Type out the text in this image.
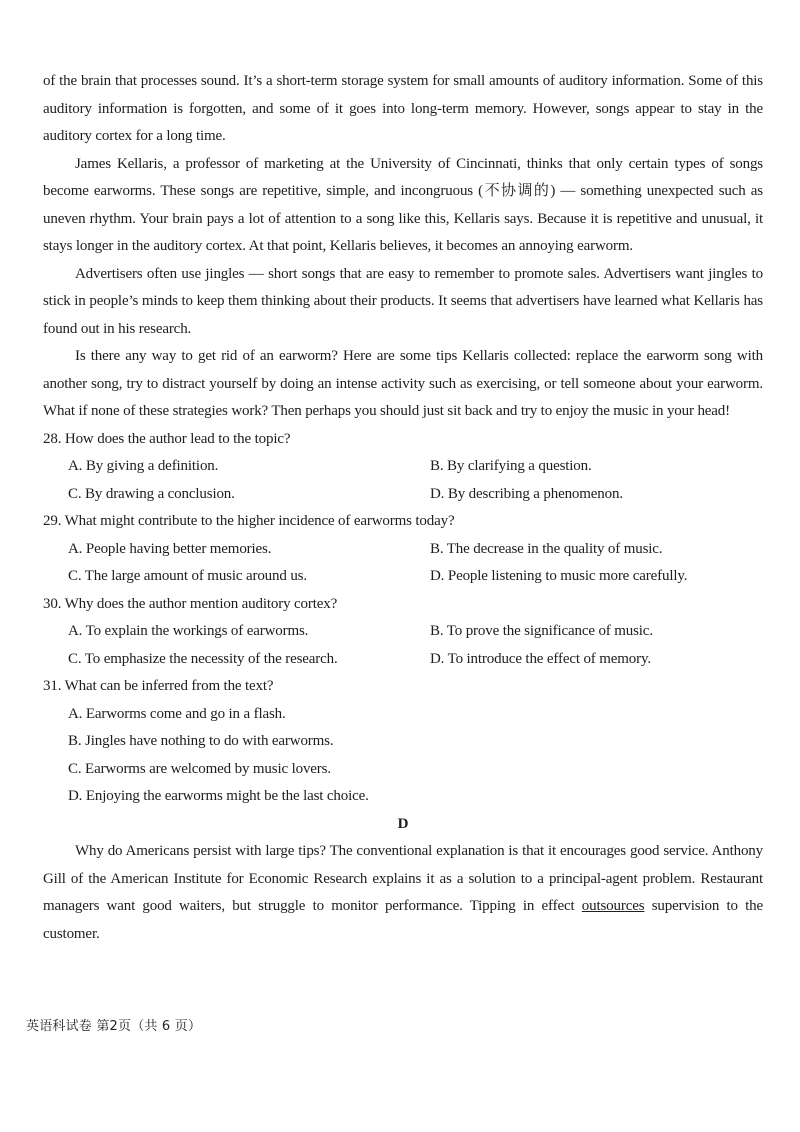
of the brain that processes sound. It’s a short-term storage system for small amounts of auditory information. Some of this auditory information is forgotten, and some of it goes into long-term memory. However, songs appear to stay in the auditory cortex for a long time.

James Kellaris, a professor of marketing at the University of Cincinnati, thinks that only certain types of songs become earworms. These songs are repetitive, simple, and incongruous (不协调的) — something unexpected such as uneven rhythm. Your brain pays a lot of attention to a song like this, Kellaris says. Because it is repetitive and unusual, it stays longer in the auditory cortex. At that point, Kellaris believes, it becomes an annoying earworm.

Advertisers often use jingles — short songs that are easy to remember to promote sales. Advertisers want jingles to stick in people’s minds to keep them thinking about their products. It seems that advertisers have learned what Kellaris has found out in his research.

Is there any way to get rid of an earworm? Here are some tips Kellaris collected: replace the earworm song with another song, try to distract yourself by doing an intense activity such as exercising, or tell someone about your earworm. What if none of these strategies work? Then perhaps you should just sit back and try to enjoy the music in your head!

28. How does the author lead to the topic?
A. By giving a definition.	B. By clarifying a question.
C. By drawing a conclusion.	D. By describing a phenomenon.
29. What might contribute to the higher incidence of earworms today?
A. People having better memories.	B. The decrease in the quality of music.
C. The large amount of music around us.	D. People listening to music more carefully.
30. Why does the author mention auditory cortex?
A. To explain the workings of earworms.	B. To prove the significance of music.
C. To emphasize the necessity of the research.	D. To introduce the effect of memory.
31. What can be inferred from the text?
A. Earworms come and go in a flash.
B. Jingles have nothing to do with earworms.
C. Earworms are welcomed by music lovers.
D. Enjoying the earworms might be the last choice.
D

Why do Americans persist with large tips? The conventional explanation is that it encourages good service. Anthony Gill of the American Institute for Economic Research explains it as a solution to a principal-agent problem. Restaurant managers want good waiters, but struggle to monitor performance. Tipping in effect outsources supervision to the customer.

英语科试卷 第2页（共 6 页）
